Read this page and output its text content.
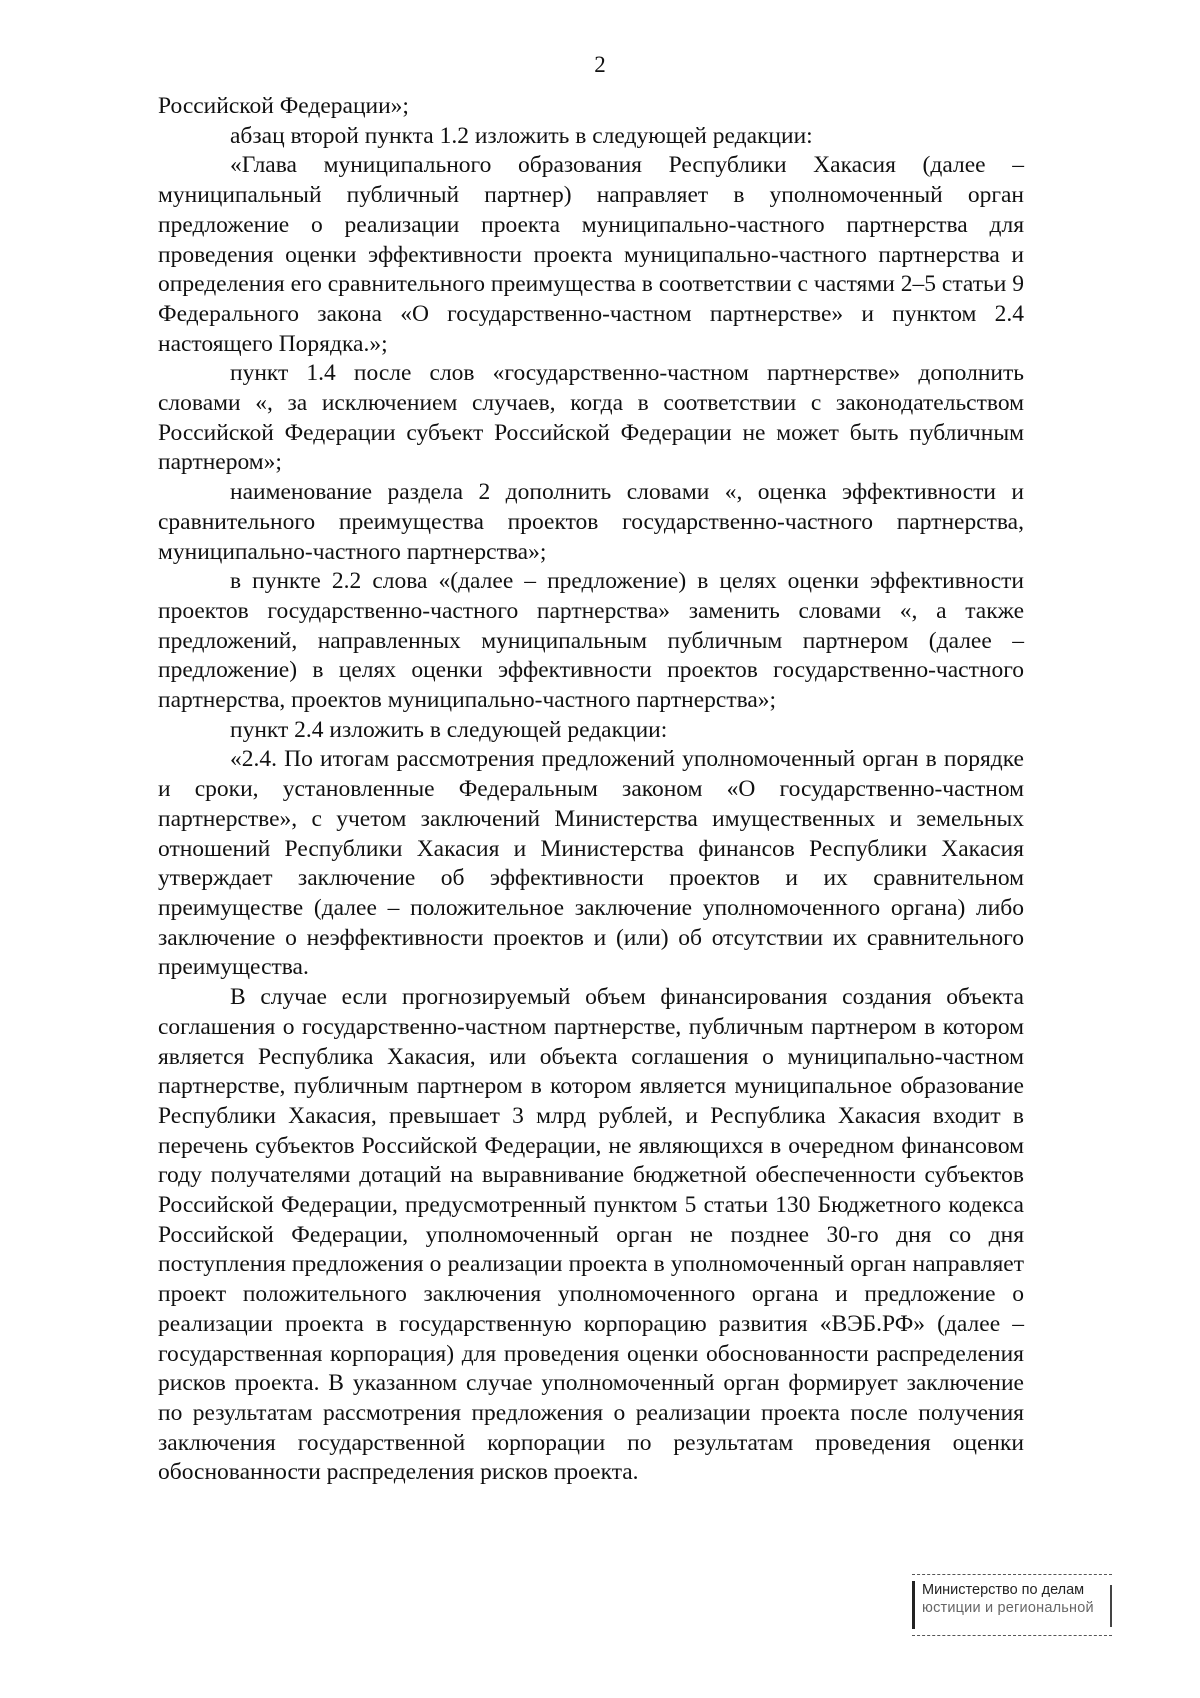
2

Российской Федерации»;

абзац второй пункта 1.2 изложить в следующей редакции:

«Глава муниципального образования Республики Хакасия (далее – муниципальный публичный партнер) направляет в уполномоченный орган предложение о реализации проекта муниципально-частного партнерства для проведения оценки эффективности проекта муниципально-частного партнерства и определения его сравнительного преимущества в соответствии с частями 2–5 статьи 9 Федерального закона «О государственно-частном партнерстве» и пунктом 2.4 настоящего Порядка.»;

пункт 1.4 после слов «государственно-частном партнерстве» дополнить словами «, за исключением случаев, когда в соответствии с законодательством Российской Федерации субъект Российской Федерации не может быть публичным партнером»;

наименование раздела 2 дополнить словами «, оценка эффективности и сравнительного преимущества проектов государственно-частного партнерства, муниципально-частного партнерства»;

в пункте 2.2 слова «(далее – предложение) в целях оценки эффективности проектов государственно-частного партнерства» заменить словами «, а также предложений, направленных муниципальным публичным партнером (далее – предложение) в целях оценки эффективности проектов государственно-частного партнерства, проектов муниципально-частного партнерства»;

пункт 2.4 изложить в следующей редакции:

«2.4. По итогам рассмотрения предложений уполномоченный орган в порядке и сроки, установленные Федеральным законом «О государственно-частном партнерстве», с учетом заключений Министерства имущественных и земельных отношений Республики Хакасия и Министерства финансов Республики Хакасия утверждает заключение об эффективности проектов и их сравнительном преимуществе (далее – положительное заключение уполномоченного органа) либо заключение о неэффективности проектов и (или) об отсутствии их сравнительного преимущества.

В случае если прогнозируемый объем финансирования создания объекта соглашения о государственно-частном партнерстве, публичным партнером в котором является Республика Хакасия, или объекта соглашения о муниципально-частном партнерстве, публичным партнером в котором является муниципальное образование Республики Хакасия, превышает 3 млрд рублей, и Республика Хакасия входит в перечень субъектов Российской Федерации, не являющихся в очередном финансовом году получателями дотаций на выравнивание бюджетной обеспеченности субъектов Российской Федерации, предусмотренный пунктом 5 статьи 130 Бюджетного кодекса Российской Федерации, уполномоченный орган не позднее 30-го дня со дня поступления предложения о реализации проекта в уполномоченный орган направляет проект положительного заключения уполномоченного органа и предложение о реализации проекта в государственную корпорацию развития «ВЭБ.РФ» (далее – государственная корпорация) для проведения оценки обоснованности распределения рисков проекта. В указанном случае уполномоченный орган формирует заключение по результатам рассмотрения предложения о реализации проекта после получения заключения государственной корпорации по результатам проведения оценки обоснованности распределения рисков проекта.

Министерство по делам
юстиции и региональной
